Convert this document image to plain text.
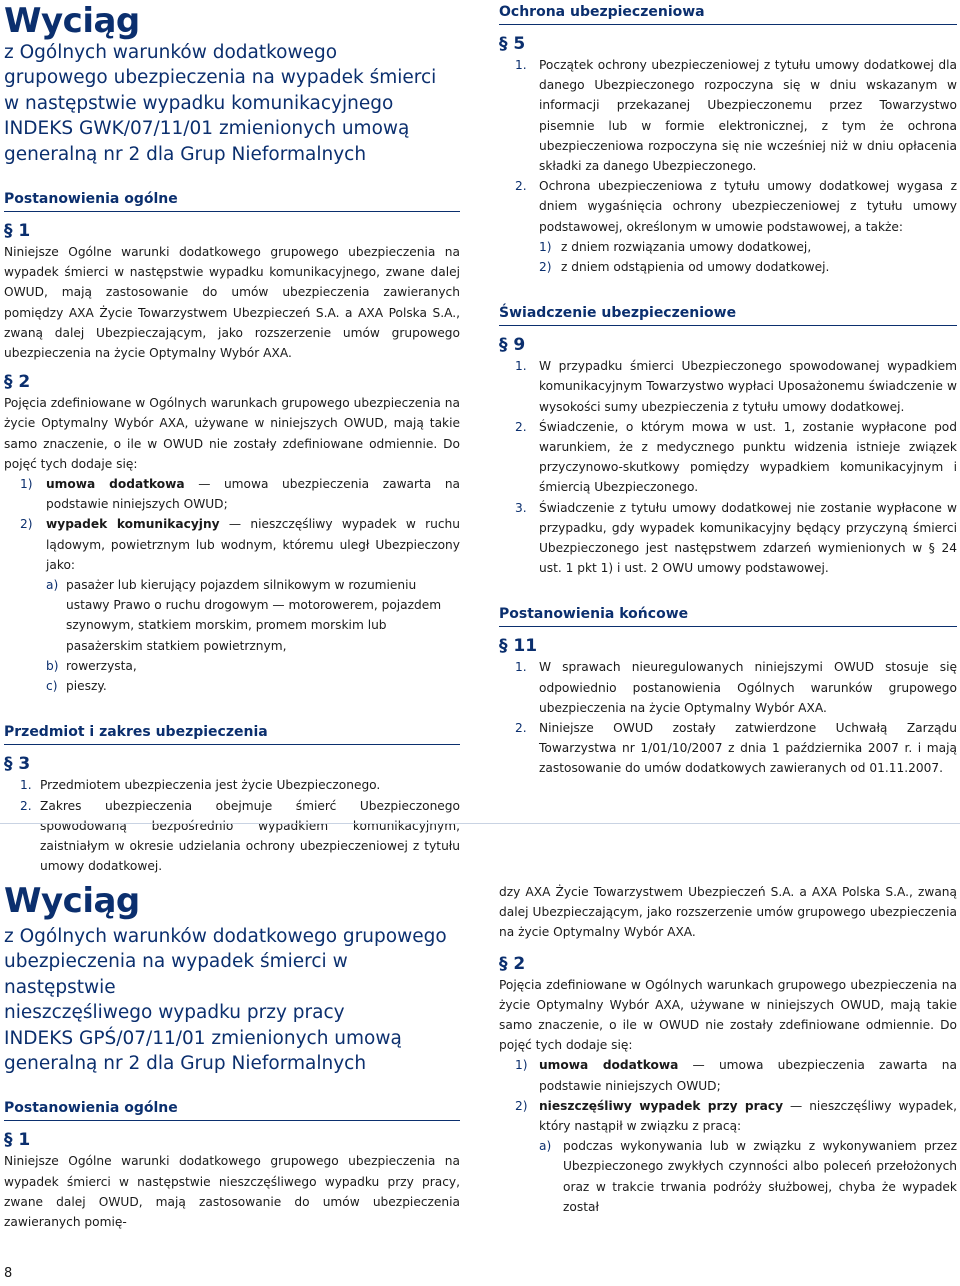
Wyciąg
z Ogólnych warunków dodatkowego
grupowego ubezpieczenia na wypadek śmierci
w następstwie wypadku komunikacyjnego
INDEKS GWK/07/11/01 zmienionych umową
generalną nr 2 dla Grup Nieformalnych
Postanowienia ogólne
§ 1

Niniejsze Ogólne warunki dodatkowego grupowego ubezpieczenia na wypadek śmierci w następstwie wypadku komunikacyjnego, zwane dalej OWUD, mają zastosowanie do umów ubezpieczenia zawieranych pomiędzy AXA Życie Towarzystwem Ubezpieczeń S.A. a AXA Polska S.A., zwaną dalej Ubezpieczającym, jako rozszerzenie umów grupowego ubezpieczenia na życie Optymalny Wybór AXA.

§ 2

Pojęcia zdefiniowane w Ogólnych warunkach grupowego ubezpieczenia na życie Optymalny Wybór AXA, używane w niniejszych OWUD, mają takie samo znaczenie, o ile w OWUD nie zostały zdefiniowane odmiennie. Do pojęć tych dodaje się:

1)	umowa dodatkowa — umowa ubezpieczenia zawarta na podstawie niniejszych OWUD;
2)	wypadek komunikacyjny — nieszczęśliwy wypadek w ruchu lądowym, powietrznym lub wodnym, któremu uległ Ubezpieczony jako:
a) pasażer lub kierujący pojazdem silnikowym w rozumieniu ustawy Prawo o ruchu drogowym — motorowerem, pojazdem szynowym, statkiem morskim, promem morskim lub pasażerskim statkiem powietrznym,
b) rowerzysta,
c) pieszy.
Przedmiot i zakres ubezpieczenia
§ 3
1. Przedmiotem ubezpieczenia jest życie Ubezpieczonego.
2. Zakres ubezpieczenia obejmuje śmierć Ubezpieczonego spowodowaną bezpośrednio wypadkiem komunikacyjnym, zaistniałym w okresie udzielania ochrony ubezpieczeniowej z tytułu umowy dodatkowej.
Ochrona ubezpieczeniowa
§ 5
1.	Początek ochrony ubezpieczeniowej z tytułu umowy dodatkowej dla danego Ubezpieczonego rozpoczyna się w dniu wskazanym w informacji przekazanej Ubezpieczonemu przez Towarzystwo pisemnie lub w formie elektronicznej, z tym że ochrona ubezpieczeniowa rozpoczyna się nie wcześniej niż w dniu opłacenia składki za danego Ubezpieczonego.
2.	Ochrona ubezpieczeniowa z tytułu umowy dodatkowej wygasa z dniem wygaśnięcia ochrony ubezpieczeniowej z tytułu umowy podstawowej, określonym w umowie podstawowej, a także:
1) z dniem rozwiązania umowy dodatkowej,
2) z dniem odstąpienia od umowy dodatkowej.
Świadczenie ubezpieczeniowe
§ 9
1.	W przypadku śmierci Ubezpieczonego spowodowanej wypadkiem komunikacyjnym Towarzystwo wypłaci Uposażonemu świadczenie w wysokości sumy ubezpieczenia z tytułu umowy dodatkowej.
2.	Świadczenie, o którym mowa w ust. 1, zostanie wypłacone pod warunkiem, że z medycznego punktu widzenia istnieje związek przyczynowo-skutkowy pomiędzy wypadkiem komunikacyjnym i śmiercią Ubezpieczonego.
3.	Świadczenie z tytułu umowy dodatkowej nie zostanie wypłacone w przypadku, gdy wypadek komunikacyjny będący przyczyną śmierci Ubezpieczonego jest następstwem zdarzeń wymienionych w § 24 ust. 1 pkt 1) i ust. 2 OWU umowy podstawowej.
Postanowienia końcowe
§ 11
1.	W sprawach nieuregulowanych niniejszymi OWUD stosuje się odpowiednio postanowienia Ogólnych warunków grupowego ubezpieczenia na życie Optymalny Wybór AXA.
2.	Niniejsze OWUD zostały zatwierdzone Uchwałą Zarządu Towarzystwa nr 1/01/10/2007 z dnia 1 października 2007 r. i mają zastosowanie do umów dodatkowych zawieranych od 01.11.2007.
Wyciąg
z Ogólnych warunków dodatkowego grupowego
ubezpieczenia na wypadek śmierci w następstwie
nieszczęśliwego wypadku przy pracy
INDEKS GPŚ/07/11/01 zmienionych umową
generalną nr 2 dla Grup Nieformalnych
Postanowienia ogólne
§ 1

Niniejsze Ogólne warunki dodatkowego grupowego ubezpieczenia na wypadek śmierci w następstwie nieszczęśliwego wypadku przy pracy, zwane dalej OWUD, mają zastosowanie do umów ubezpieczenia zawieranych pomię-

dzy AXA Życie Towarzystwem Ubezpieczeń S.A. a AXA Polska S.A., zwaną dalej Ubezpieczającym, jako rozszerzenie umów grupowego ubezpieczenia na życie Optymalny Wybór AXA.

§ 2

Pojęcia zdefiniowane w Ogólnych warunkach grupowego ubezpieczenia na życie Optymalny Wybór AXA, używane w niniejszych OWUD, mają takie samo znaczenie, o ile w OWUD nie zostały zdefiniowane odmiennie. Do pojęć tych dodaje się:

1) umowa dodatkowa — umowa ubezpieczenia zawarta na podstawie niniejszych OWUD;
2) nieszczęśliwy wypadek przy pracy — nieszczęśliwy wypadek, który nastąpił w związku z pracą:
a) podczas wykonywania lub w związku z wykonywaniem przez Ubezpieczonego zwykłych czynności albo poleceń przełożonych oraz w trakcie trwania podróży służbowej, chyba że wypadek został
8
